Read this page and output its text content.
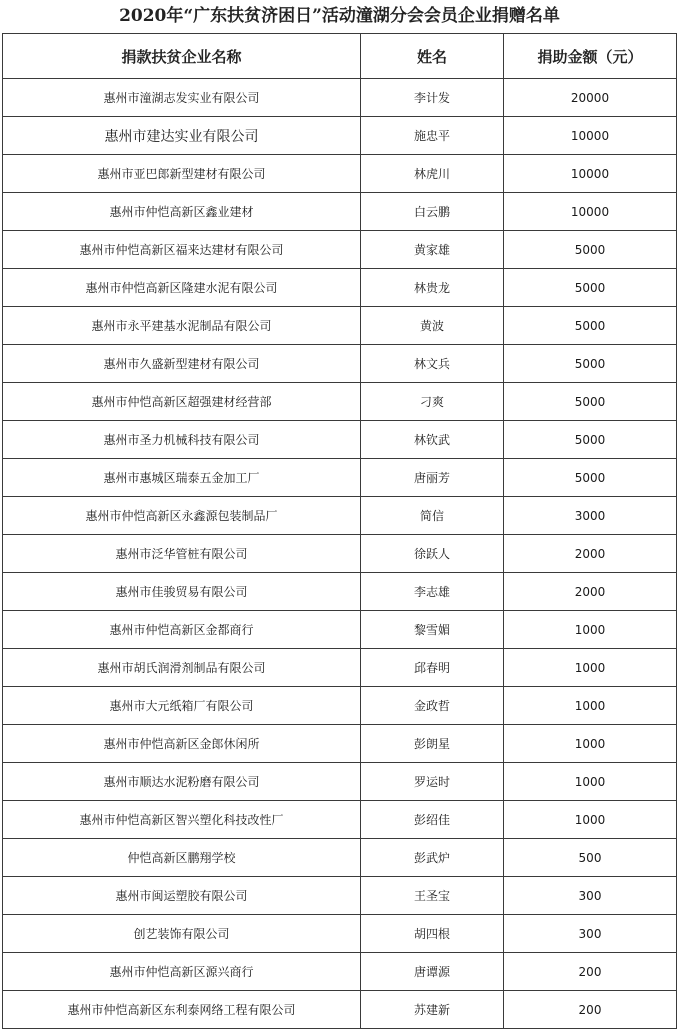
2020年“广东扶贫济困日”活动潼湖分会会员企业捐赠名单
捐款扶贫企业名称	姓名	捐助金额（元）
惠州市潼湖志发实业有限公司	李计发	20000
惠州市建达实业有限公司	施忠平	10000
惠州市亚巴郎新型建材有限公司	林虎川	10000
惠州市仲恺高新区鑫业建材	白云鹏	10000
惠州市仲恺高新区福来达建材有限公司	黄家雄	5000
惠州市仲恺高新区隆建水泥有限公司	林贵龙	5000
惠州市永平建基水泥制品有限公司	黄波	5000
惠州市久盛新型建材有限公司	林文兵	5000
惠州市仲恺高新区超强建材经营部	刁爽	5000
惠州市圣力机械科技有限公司	林钦武	5000
惠州市惠城区瑞泰五金加工厂	唐丽芳	5000
惠州市仲恺高新区永鑫源包装制品厂	简信	3000
惠州市泛华管桩有限公司	徐跃人	2000
惠州市佳骏贸易有限公司	李志雄	2000
惠州市仲恺高新区金都商行	黎雪媚	1000
惠州市胡氏润滑剂制品有限公司	邱春明	1000
惠州市大元纸箱厂有限公司	金政哲	1000
惠州市仲恺高新区金郎休闲所	彭朗星	1000
惠州市顺达水泥粉磨有限公司	罗运时	1000
惠州市仲恺高新区智兴塑化科技改性厂	彭绍佳	1000
仲恺高新区鹏翔学校	彭武炉	500
惠州市闽运塑胶有限公司	王圣宝	300
创艺装饰有限公司	胡四根	300
惠州市仲恺高新区源兴商行	唐谭源	200
惠州市仲恺高新区东利泰网络工程有限公司	苏建新	200
